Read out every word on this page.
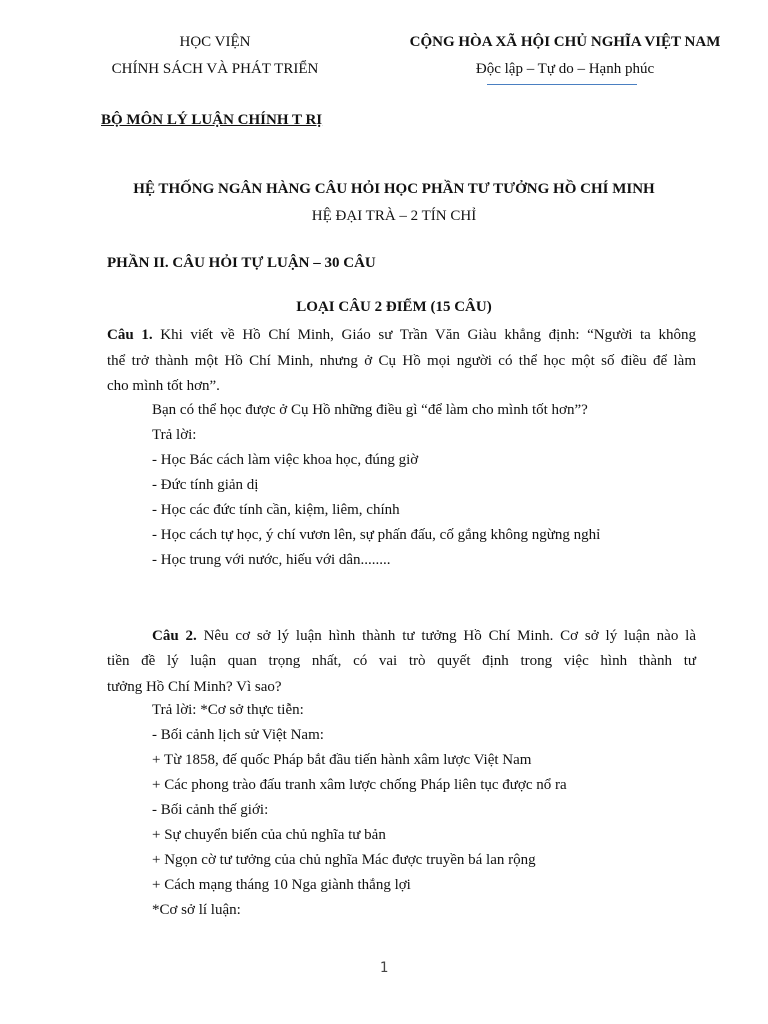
HỌC VIỆN
CHÍNH SÁCH VÀ PHÁT TRIỂN
CỘNG HÒA XÃ HỘI CHỦ NGHĨA VIỆT NAM
Độc lập – Tự do – Hạnh phúc
BỘ MÔN LÝ LUẬN CHÍNH T RỊ
HỆ THỐNG NGÂN HÀNG CÂU HỎI HỌC PHẦN TƯ TƯỞNG HỒ CHÍ MINH
HỆ ĐẠI TRÀ – 2 TÍN CHỈ
PHẦN II. CÂU HỎI TỰ LUẬN – 30 CÂU
LOẠI CÂU 2 ĐIỂM (15 CÂU)
Câu 1. Khi viết về Hồ Chí Minh, Giáo sư Trần Văn Giàu khẳng định: “Người ta không
thể trở thành một Hồ Chí Minh, nhưng ở Cụ Hồ mọi người có thể học một số điều để làm
cho mình tốt hơn”.
Bạn có thể học được ở Cụ Hồ những điều gì “để làm cho mình tốt hơn”?
Trả lời:
- Học Bác cách làm việc khoa học, đúng giờ
- Đức tính giản dị
- Học các đức tính cần, kiệm, liêm, chính
- Học cách tự học, ý chí vươn lên, sự phấn đấu, cố gắng không ngừng nghỉ
- Học trung với nước, hiếu với dân........
Câu 2. Nêu cơ sở lý luận hình thành tư tưởng Hồ Chí Minh. Cơ sở lý luận nào là
tiền đề lý luận quan trọng nhất, có vai trò quyết định trong việc hình thành tư
tưởng Hồ Chí Minh? Vì sao?
Trả lời: *Cơ sở thực tiễn:
- Bối cảnh lịch sử Việt Nam:
+ Từ 1858, đế quốc Pháp bắt đầu tiến hành xâm lược Việt Nam
+ Các phong trào đấu tranh xâm lược chống Pháp liên tục được nổ ra
- Bối cảnh thế giới:
+ Sự chuyển biến của chủ nghĩa tư bản
+ Ngọn cờ tư tưởng của chủ nghĩa Mác được truyền bá lan rộng
+ Cách mạng tháng 10 Nga giành thắng lợi
*Cơ sở lí luận:
1
